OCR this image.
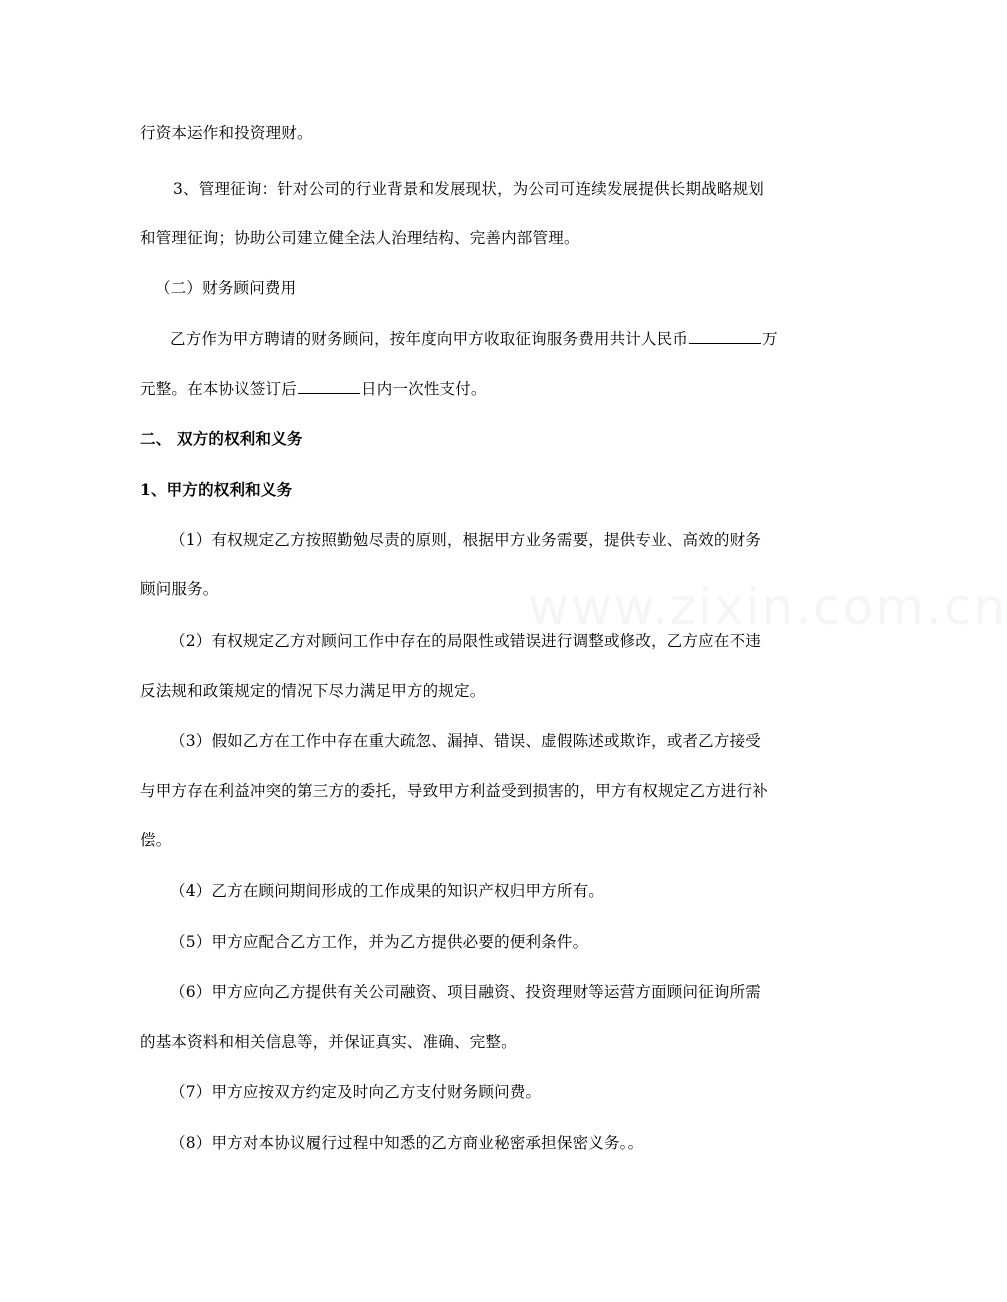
行资本运作和投资理财。
3、管理征询：针对公司的行业背景和发展现状，为公司可连续发展提供长期战略规划
和管理征询；协助公司建立健全法人治理结构、完善内部管理。
（二）财务顾问费用
乙方作为甲方聘请的财务顾问，按年度向甲方收取征询服务费用共计人民币	万
元整。在本协议签订后	日内一次性支付。
二、 双方的权利和义务
1、甲方的权利和义务
（1）有权规定乙方按照勤勉尽责的原则，根据甲方业务需要，提供专业、高效的财务
顾问服务。
（2）有权规定乙方对顾问工作中存在的局限性或错误进行调整或修改，乙方应在不违
反法规和政策规定的情况下尽力满足甲方的规定。
（3）假如乙方在工作中存在重大疏忽、漏掉、错误、虚假陈述或欺诈，或者乙方接受
与甲方存在利益冲突的第三方的委托，导致甲方利益受到损害的，甲方有权规定乙方进行补
偿。
（4）乙方在顾问期间形成的工作成果的知识产权归甲方所有。
（5）甲方应配合乙方工作，并为乙方提供必要的便利条件。
（6）甲方应向乙方提供有关公司融资、项目融资、投资理财等运营方面顾问征询所需
的基本资料和相关信息等，并保证真实、准确、完整。
（7）甲方应按双方约定及时向乙方支付财务顾问费。
（8）甲方对本协议履行过程中知悉的乙方商业秘密承担保密义务。。
www.zixin.com.cn
